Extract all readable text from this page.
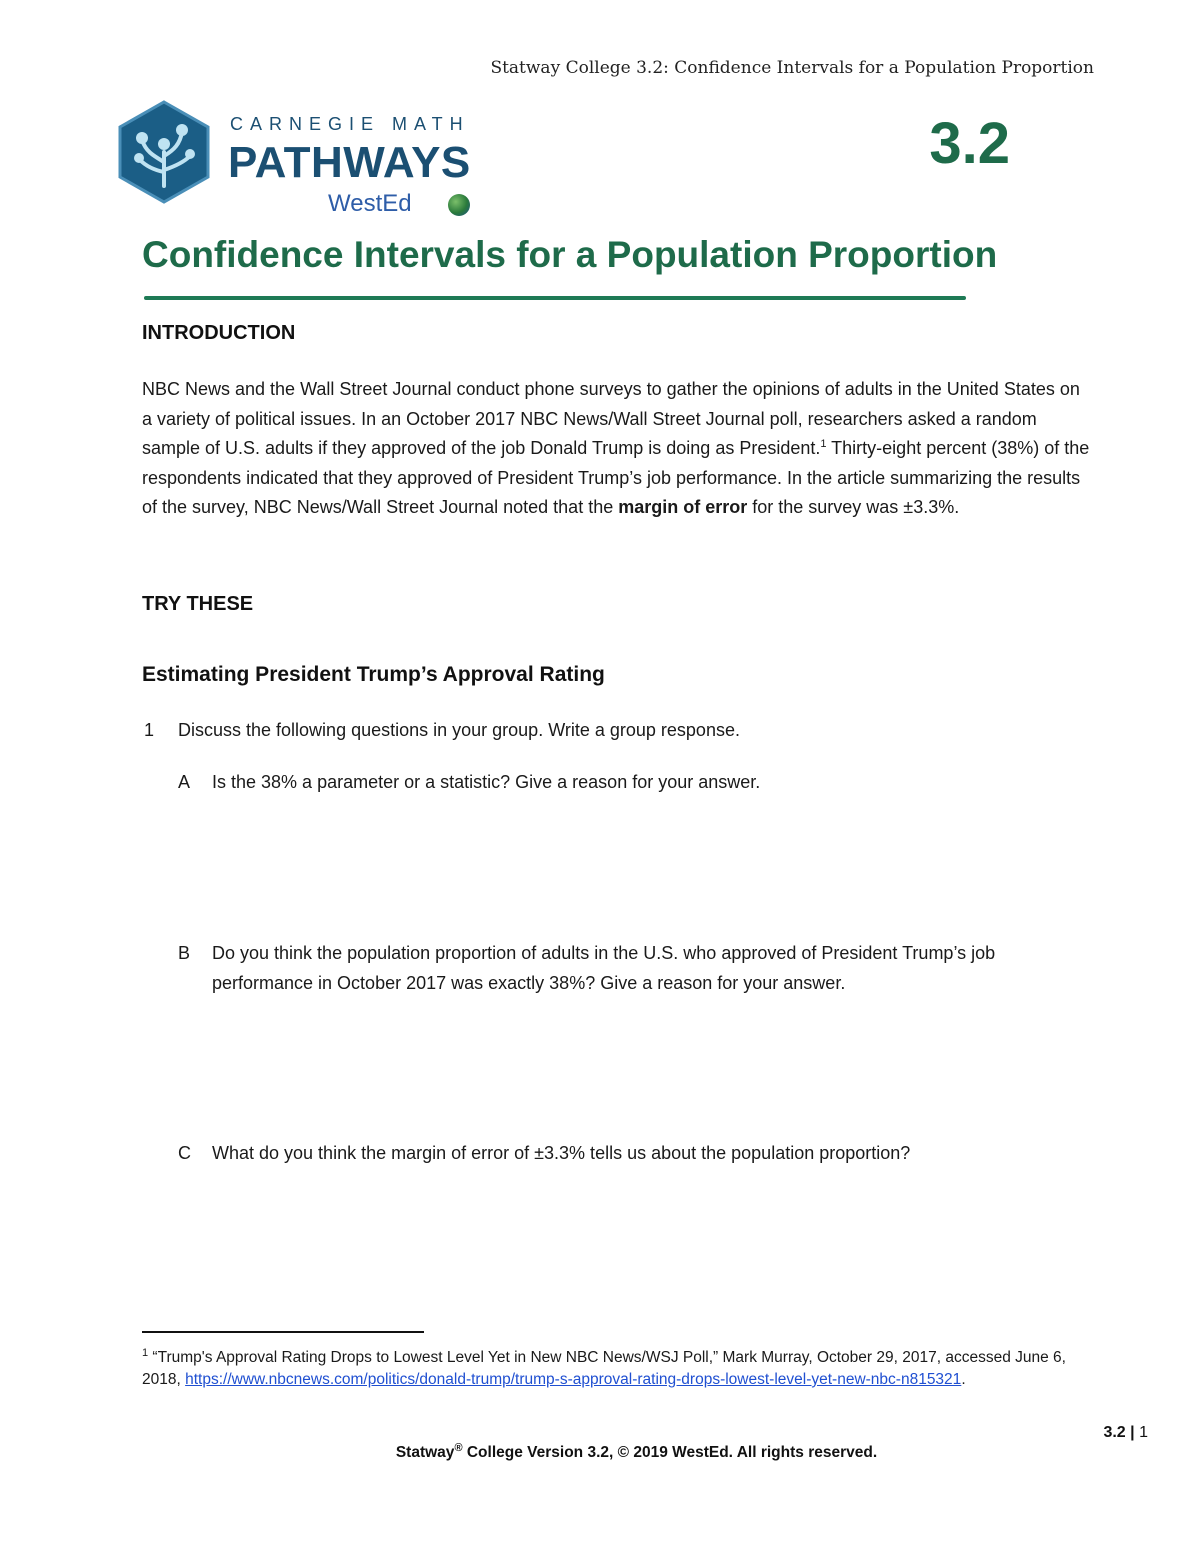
Statway College 3.2: Confidence Intervals for a Population Proportion
CARNEGIE MATH
PATHWAYS
WestEd
3.2
Confidence Intervals for a Population Proportion
INTRODUCTION
NBC News and the Wall Street Journal conduct phone surveys to gather the opinions of adults in the United States on a variety of political issues. In an October 2017 NBC News/Wall Street Journal poll, researchers asked a random sample of U.S. adults if they approved of the job Donald Trump is doing as President.$^1$ Thirty-eight percent (38%) of the respondents indicated that they approved of President Trump’s job performance. In the article summarizing the results of the survey, NBC News/Wall Street Journal noted that the margin of error for the survey was ±3.3%.
TRY THESE
Estimating President Trump’s Approval Rating
1 Discuss the following questions in your group. Write a group response.
A Is the 38% a parameter or a statistic? Give a reason for your answer.
B Do you think the population proportion of adults in the U.S. who approved of President Trump’s job performance in October 2017 was exactly 38%? Give a reason for your answer.
C What do you think the margin of error of ±3.3% tells us about the population proportion?
$^1$ “Trump's Approval Rating Drops to Lowest Level Yet in New NBC News/WSJ Poll,” Mark Murray, October 29, 2017, accessed June 6, 2018, https://www.nbcnews.com/politics/donald-trump/trump-s-approval-rating-drops-lowest-level-yet-new-nbc-n815321.
3.2 | 1
Statway® College Version 3.2, © 2019 WestEd. All rights reserved.
